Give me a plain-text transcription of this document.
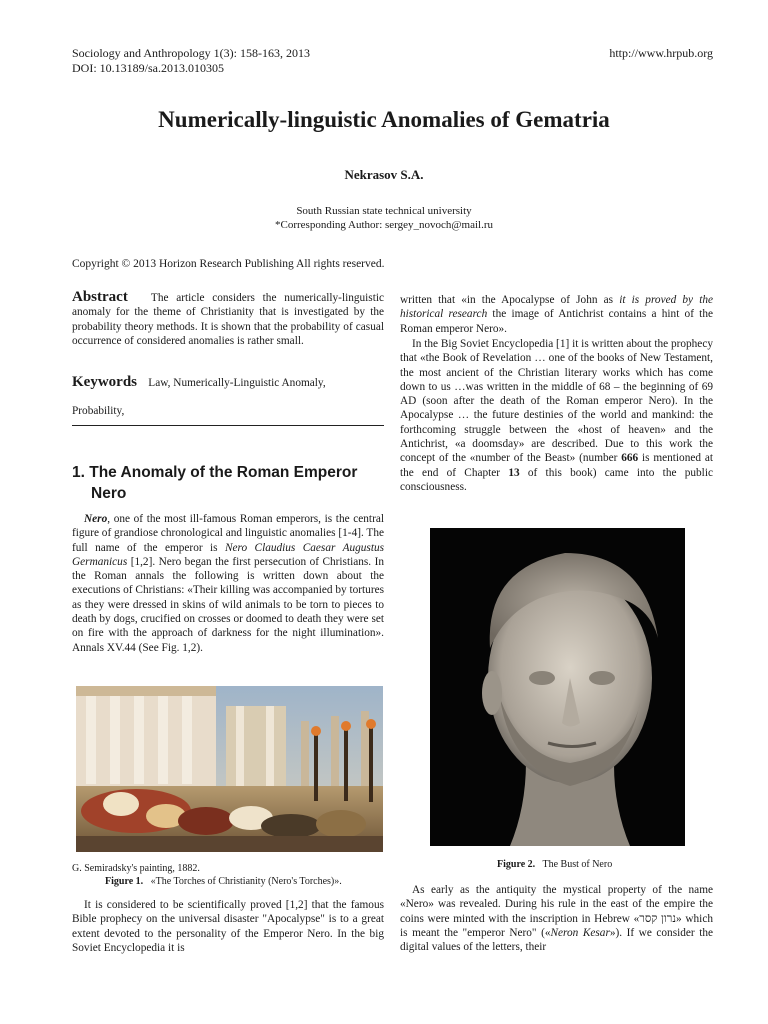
Sociology and Anthropology 1(3): 158-163, 2013
DOI: 10.13189/sa.2013.010305
http://www.hrpub.org
Numerically-linguistic Anomalies of Gematria
Nekrasov S.A.
South Russian state technical university
*Corresponding Author: sergey_novoch@mail.ru
Copyright © 2013 Horizon Research Publishing All rights reserved.
Abstract The article considers the numerically-linguistic anomaly for the theme of Christianity that is investigated by the probability theory methods. It is shown that the probability of casual occurrence of considered anomalies is rather small.
Keywords Law, Numerically-Linguistic Anomaly,
Probability,
1. The Anomaly of the Roman Emperor
Nero

Nero, one of the most ill-famous Roman emperors, is the central figure of grandiose chronological and linguistic anomalies [1-4]. The full name of the emperor is Nero Claudius Caesar Augustus Germanicus [1,2]. Nero began the first persecution of Christians. In the Roman annals the following is written down about the executions of Christians: «Their killing was accompanied by tortures as they were dressed in skins of wild animals to be torn to pieces to death by dogs, crucified on crosses or doomed to death they were set on fire with the approach of darkness for the night illumination». Annals XV.44 (See Fig. 1,2).

G. Semiradsky's painting, 1882.
Figure 1. «The Torches of Christianity (Nero's Torches)».

It is considered to be scientifically proved [1,2] that the famous Bible prophecy on the universal disaster "Apocalypse" is to a great extent devoted to the personality of the Emperor Nero. In the big Soviet Encyclopedia it is

written that «in the Apocalypse of John as it is proved by the historical research the image of Antichrist contains a hint of the Roman emperor Nero».

In the Big Soviet Encyclopedia [1] it is written about the prophecy that «the Book of Revelation … one of the books of New Testament, the most ancient of the Christian literary works which has come down to us …was written in the middle of 68 – the beginning of 69 AD (soon after the death of the Roman emperor Nero). In the Apocalypse … the future destinies of the world and mankind: the forthcoming struggle between the «host of heaven» and the Antichrist, «a doomsday» are described. Due to this work the concept of the «number of the Beast» (number 666 is mentioned at the end of Chapter 13 of this book) came into the public consciousness.

Figure 2. The Bust of Nero

As early as the antiquity the mystical property of the name «Nero» was revealed. During his rule in the east of the empire the coins were minted with the inscription in Hebrew «נרון קסר» which is meant the "emperor Nero" («Neron Kesar»). If we consider the digital values of the letters, their
